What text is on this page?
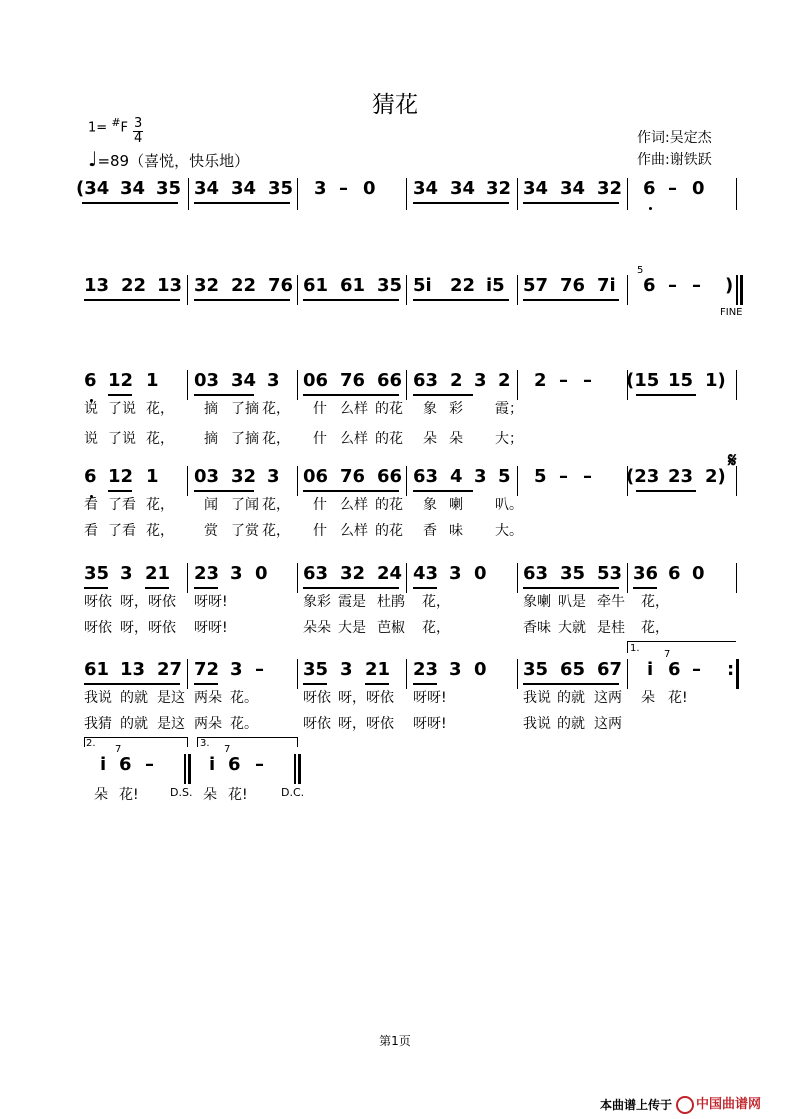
猜花
1= #F 3
4
♩=89（喜悦，快乐地）
作词:吴定杰
作曲:谢铁跃
(34 34 35 34 34 35 3 – 0 34 34 32 34 34 32 6 – 0
13 22 13 32 22 76 61 61 35 5i 22 i5 57 76 7i
5
6 – – )
FINE
6 12 1 03 34 3 06 76 66 63 2 3 2 2 – – (15 15 1)
说 了说 花， 摘 了摘 花， 什 么样 的花 象 彩 霞；
说 了说 花， 摘 了摘 花， 什 么样 的花 朵 朵 大；
6 12 1 03 32 3 06 76 66 63 4 3 5 5 – – (23 23 2)
𝄋
看 了看 花， 闻 了闻 花， 什 么样 的花 象 喇 叭。
看 了看 花， 赏 了赏 花， 什 么样 的花 香 味 大。
35 3 21 23 3 0 63 32 24 43 3 0 63 35 53 36 6 0
呀依 呀，呀依 呀呀!	象彩 霞是 杜鹃 花，	象喇 叭是 牵牛 花，
呀依 呀，呀依 呀呀!	朵朵 大是 芭椒 花，	香味 大就 是桂 花，
1.
61 13 27 72 3 – 35 3 21 23 3 0 35 65 67 i
7
6 – :
我说 的就 是这 两朵 花。	呀依 呀，呀依 呀呀!	我说 的就 这两 朵 花!
我猜 的就 是这 两朵 花。	呀依 呀，呀依 呀呀!	我说 的就 这两
2.	3.
i
7
6 –	i
7
6 –
朵 花!	D.S. 朵 花!	D.C.
第1页
本曲谱上传于	中国曲谱网
